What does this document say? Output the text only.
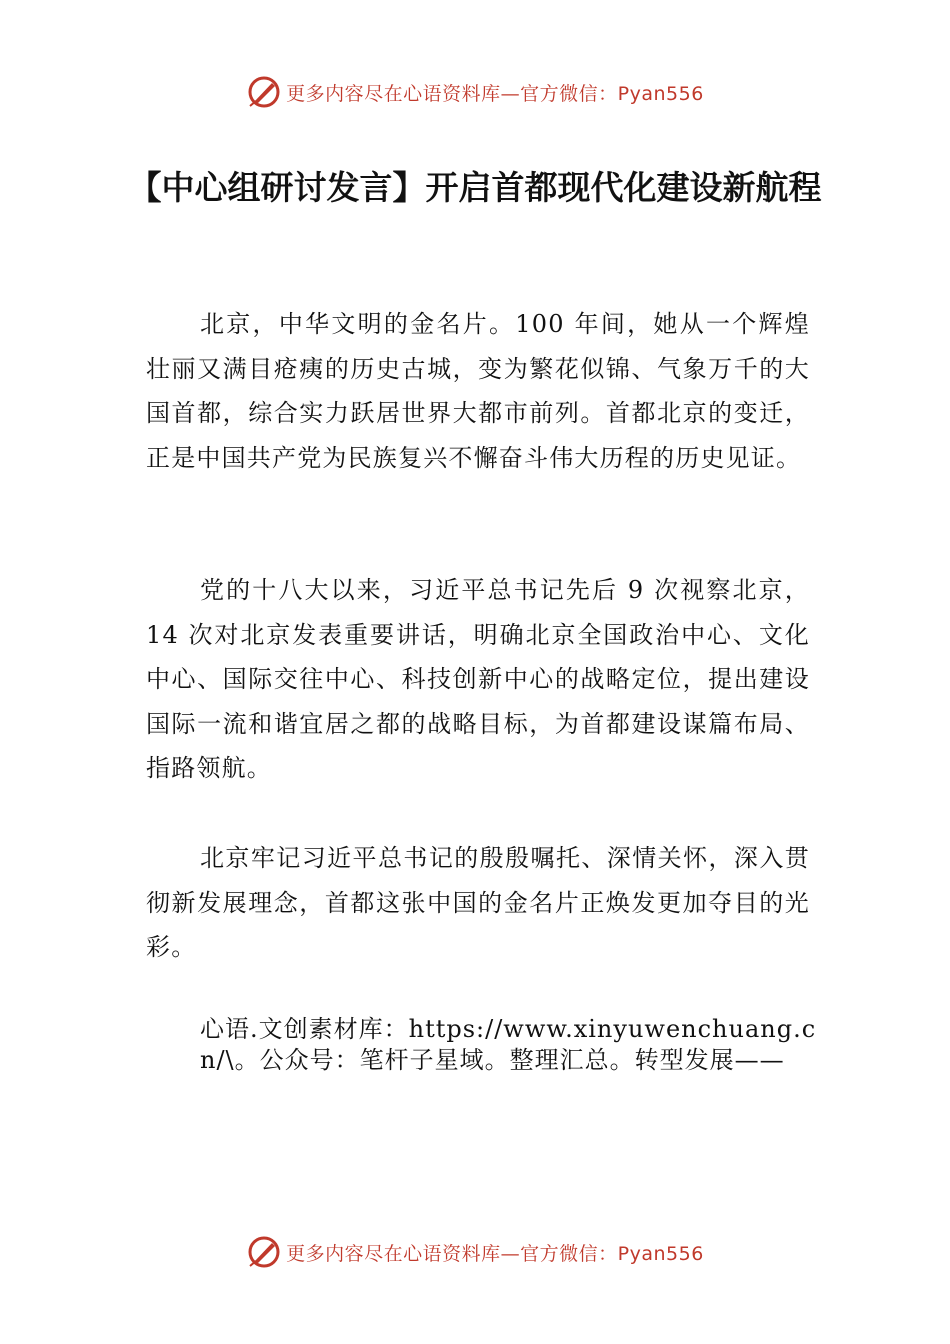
更多内容尽在心语资料库—官方微信：Pyan556
【中心组研讨发言】开启首都现代化建设新航程

北京，中华文明的金名片。100 年间，她从一个辉煌壮丽又满目疮痍的历史古城，变为繁花似锦、气象万千的大国首都，综合实力跃居世界大都市前列。首都北京的变迁，正是中国共产党为民族复兴不懈奋斗伟大历程的历史见证。

党的十八大以来，习近平总书记先后 9 次视察北京，14 次对北京发表重要讲话，明确北京全国政治中心、文化中心、国际交往中心、科技创新中心的战略定位，提出建设国际一流和谐宜居之都的战略目标，为首都建设谋篇布局、指路领航。

北京牢记习近平总书记的殷殷嘱托、深情关怀，深入贯彻新发展理念，首都这张中国的金名片正焕发更加夺目的光彩。

心语.文创素材库：https://www.xinyuwenchuang.cn/\。公众号：笔杆子星域。整理汇总。转型发展——

更多内容尽在心语资料库—官方微信：Pyan556
